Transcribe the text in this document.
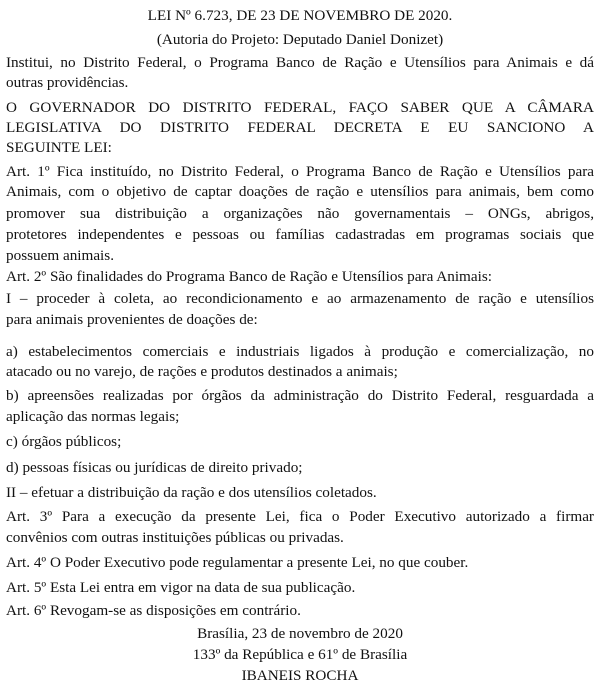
LEI Nº 6.723, DE 23 DE NOVEMBRO DE 2020.
(Autoria do Projeto: Deputado Daniel Donizet)
Institui, no Distrito Federal, o Programa Banco de Ração e Utensílios para Animais e dá
outras providências.
O GOVERNADOR DO DISTRITO FEDERAL, FAÇO SABER QUE A CÂMARA
LEGISLATIVA DO DISTRITO FEDERAL DECRETA E EU SANCIONO A
SEGUINTE LEI:
Art. 1º Fica instituído, no Distrito Federal, o Programa Banco de Ração e Utensílios para
Animais, com o objetivo de captar doações de ração e utensílios para animais, bem como
promover sua distribuição a organizações não governamentais – ONGs, abrigos,
protetores independentes e pessoas ou famílias cadastradas em programas sociais que
possuem animais.
Art. 2º São finalidades do Programa Banco de Ração e Utensílios para Animais:
I – proceder à coleta, ao recondicionamento e ao armazenamento de ração e utensílios
para animais provenientes de doações de:
a) estabelecimentos comerciais e industriais ligados à produção e comercialização, no
atacado ou no varejo, de rações e produtos destinados a animais;
b) apreensões realizadas por órgãos da administração do Distrito Federal, resguardada a
aplicação das normas legais;
c) órgãos públicos;
d) pessoas físicas ou jurídicas de direito privado;
II – efetuar a distribuição da ração e dos utensílios coletados.
Art. 3º Para a execução da presente Lei, fica o Poder Executivo autorizado a firmar
convênios com outras instituições públicas ou privadas.
Art. 4º O Poder Executivo pode regulamentar a presente Lei, no que couber.
Art. 5º Esta Lei entra em vigor na data de sua publicação.
Art. 6º Revogam-se as disposições em contrário.
Brasília, 23 de novembro de 2020
133º da República e 61º de Brasília
IBANEIS ROCHA
